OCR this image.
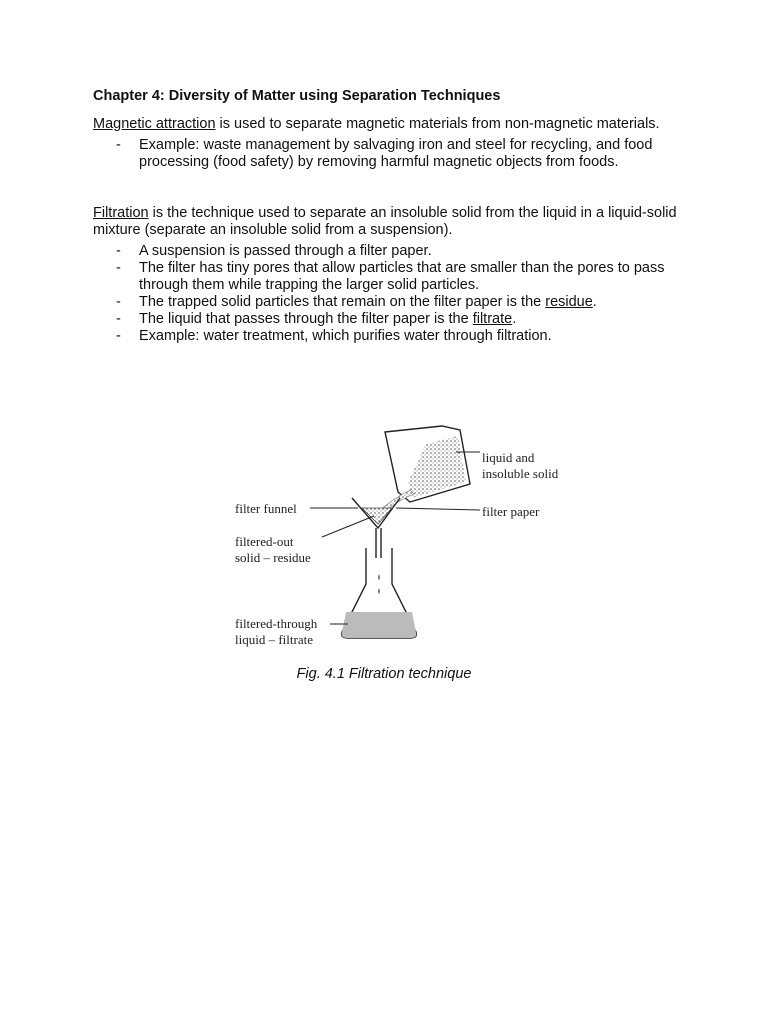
Chapter 4: Diversity of Matter using Separation Techniques

Magnetic attraction is used to separate magnetic materials from non-magnetic materials.

- Example: waste management by salvaging iron and steel for recycling, and food processing (food safety) by removing harmful magnetic objects from foods.

Filtration is the technique used to separate an insoluble solid from the liquid in a liquid-solid mixture (separate an insoluble solid from a suspension).

- A suspension is passed through a filter paper.
- The filter has tiny pores that allow particles that are smaller than the pores to pass through them while trapping the larger solid particles.
- The trapped solid particles that remain on the filter paper is the residue.
- The liquid that passes through the filter paper is the filtrate.
- Example: water treatment, which purifies water through filtration.
liquid and
insoluble solid
filter funnel	filter paper
filtered-out
solid – residue
filtered-through
liquid – filtrate
Fig. 4.1 Filtration technique
